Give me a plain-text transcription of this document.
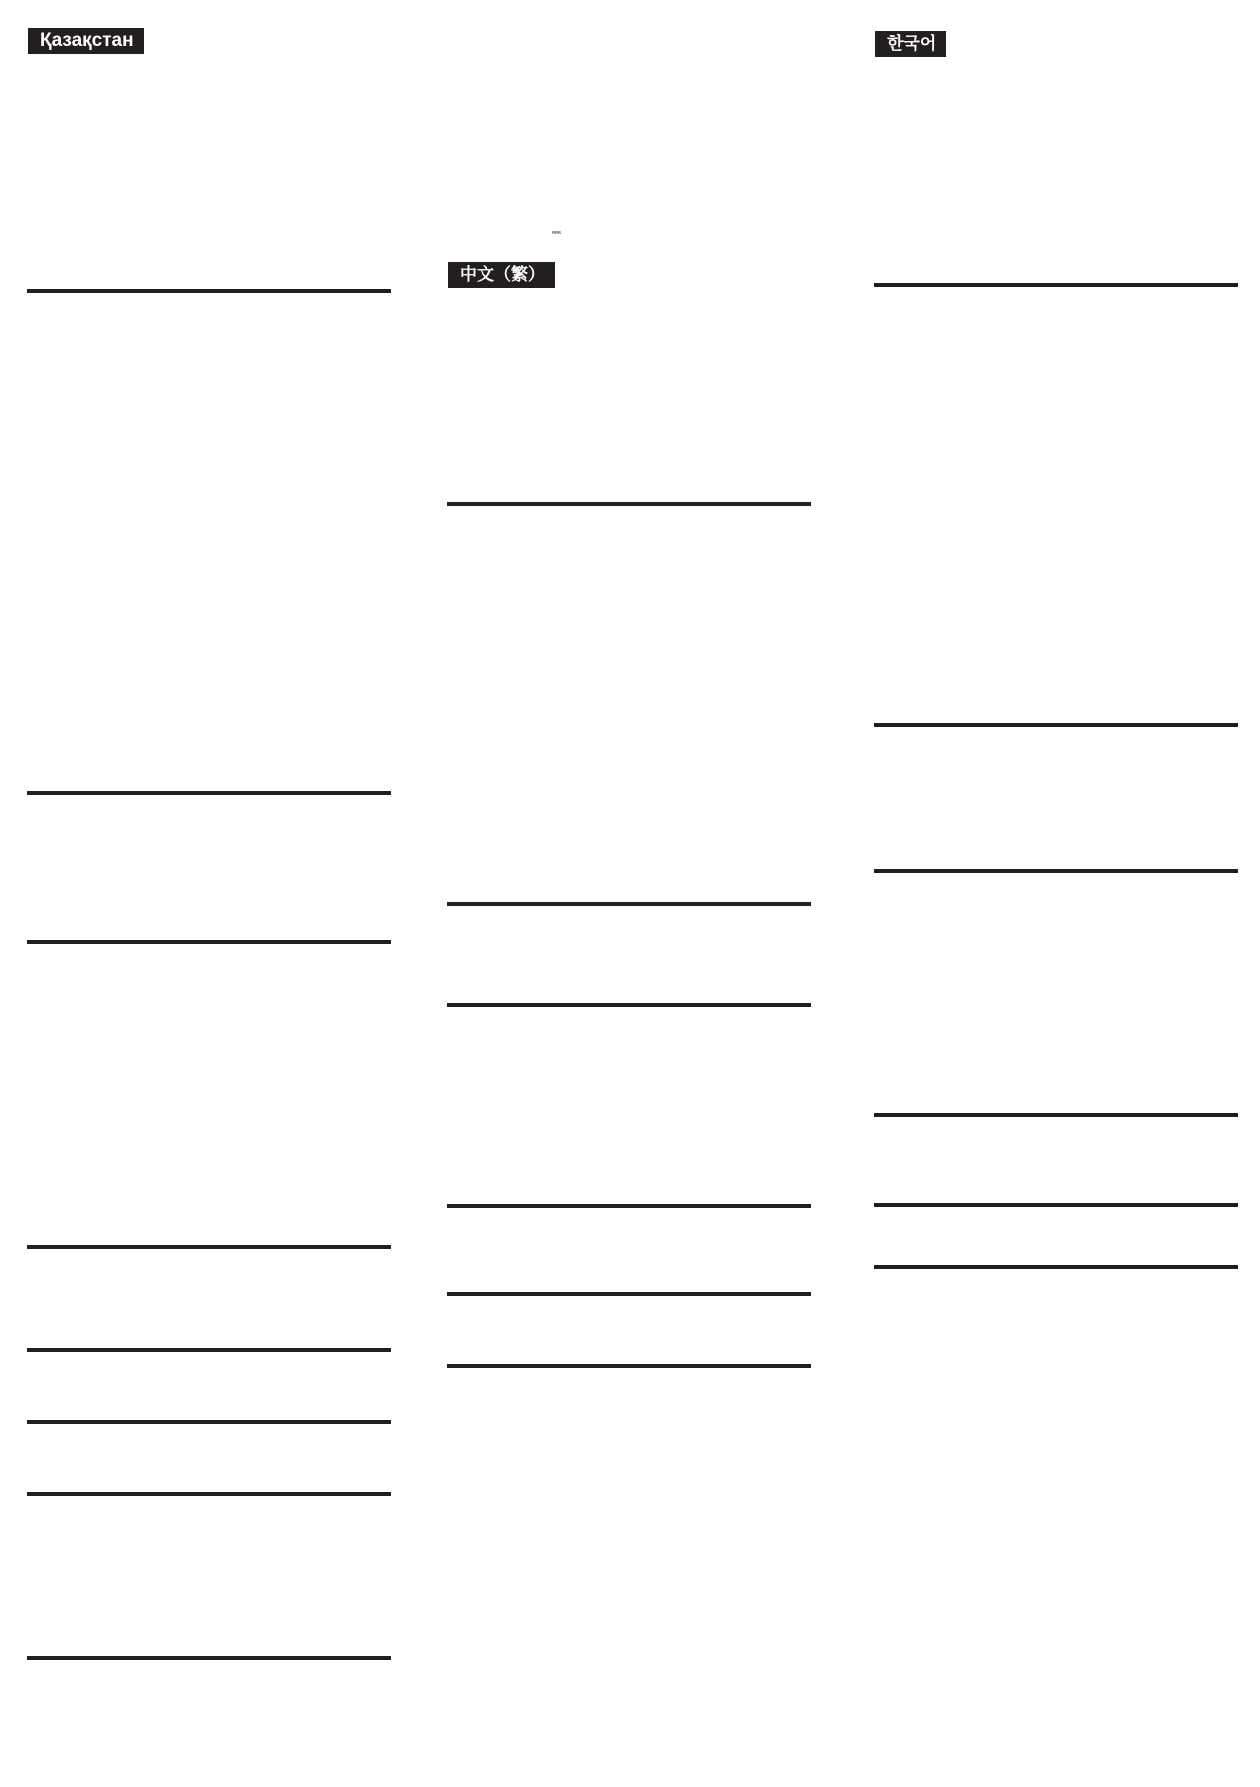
Қазақстан
ʀʀʀ
中文（繁）
한국어
